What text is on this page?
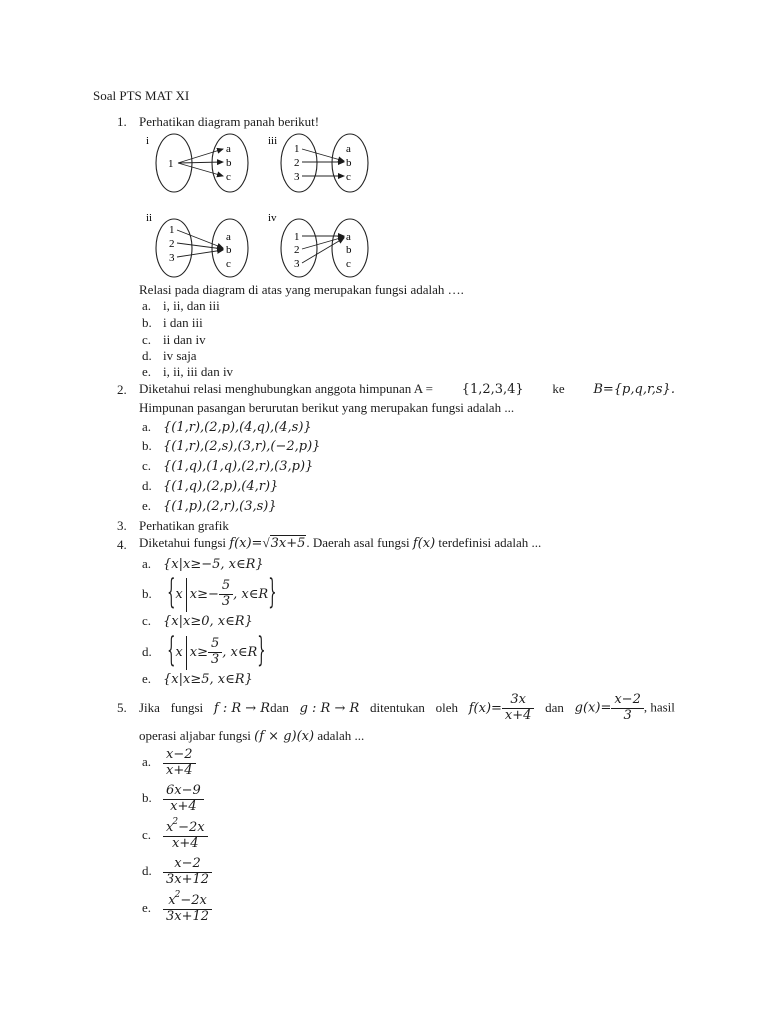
Soal PTS MAT XI
1. Perhatikan diagram panah berikut!
i
1
a
b
c
iii
1
2
3
a
b
c
ii
1
2
3
a
b
c
iv
1
2
3
a
b
c
Relasi pada diagram di atas yang merupakan fungsi adalah ….
a. i, ii, dan iii
b. i dan iii
c. ii dan iv
d. iv saja
e. i, ii, iii dan iv
2. Diketahui relasi menghubungkan anggota himpunan A = {1,2,3,4} ke B={p,q,r,s}.
Himpunan pasangan berurutan berikut yang merupakan fungsi adalah ...
a. {(1,r),(2,p),(4,q),(4,s)}
b. {(1,r),(2,s),(3,r),(−2,p)}
c. {(1,q),(1,q),(2,r),(3,p)}
d. {(1,q),(2,p),(4,r)}
e. {(1,p),(2,r),(3,s)}
3. Perhatikan grafik
4. Diketahui fungsi f(x)=√3x+5. Daerah asal fungsi f(x) terdefinisi adalah ...
a. {x|x≥−5, x∈R}
b. {x $x\ge- \frac{5}{3}$ , x∈R}
c. {x|x≥0, x∈R}
d. {x $x\ge \frac{5}{3}$ , x∈R}
e. {x|x≥5, x∈R}
5. Jika fungsi f : R → Rdan g : R → R ditentukan oleh $f(x)= \frac{3x}{x+4}$ dan $g(x)= \frac{x-2}{3}$ , hasil
operasi aljabar fungsi (f × g)(x) adalah ...
a. $\frac{x-2}{x+4}$
b. $\frac{6x-9}{x+4}$
c. $\frac{x^2-2x}{x+4}$
d. $\frac{x-2}{3x+12}$
e. $\frac{x^2-2x}{3x+12}$
